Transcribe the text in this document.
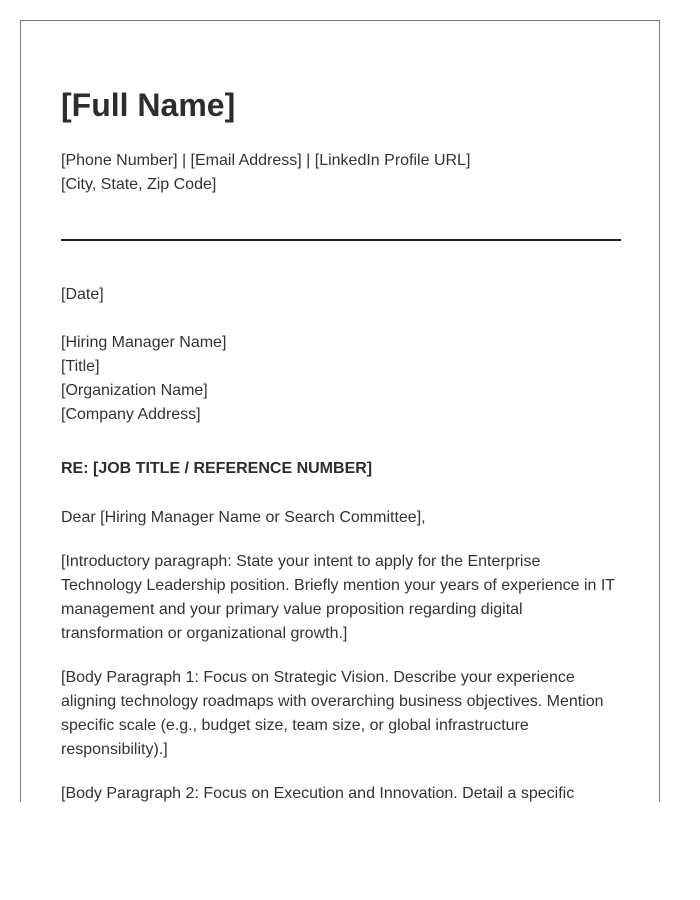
[Full Name]
[Phone Number] | [Email Address] | [LinkedIn Profile URL]
[City, State, Zip Code]
[Date]
[Hiring Manager Name]
[Title]
[Organization Name]
[Company Address]
RE: [JOB TITLE / REFERENCE NUMBER]
Dear [Hiring Manager Name or Search Committee],
[Introductory paragraph: State your intent to apply for the Enterprise Technology Leadership position. Briefly mention your years of experience in IT management and your primary value proposition regarding digital transformation or organizational growth.]
[Body Paragraph 1: Focus on Strategic Vision. Describe your experience aligning technology roadmaps with overarching business objectives. Mention specific scale (e.g., budget size, team size, or global infrastructure responsibility).]
[Body Paragraph 2: Focus on Execution and Innovation. Detail a specific
